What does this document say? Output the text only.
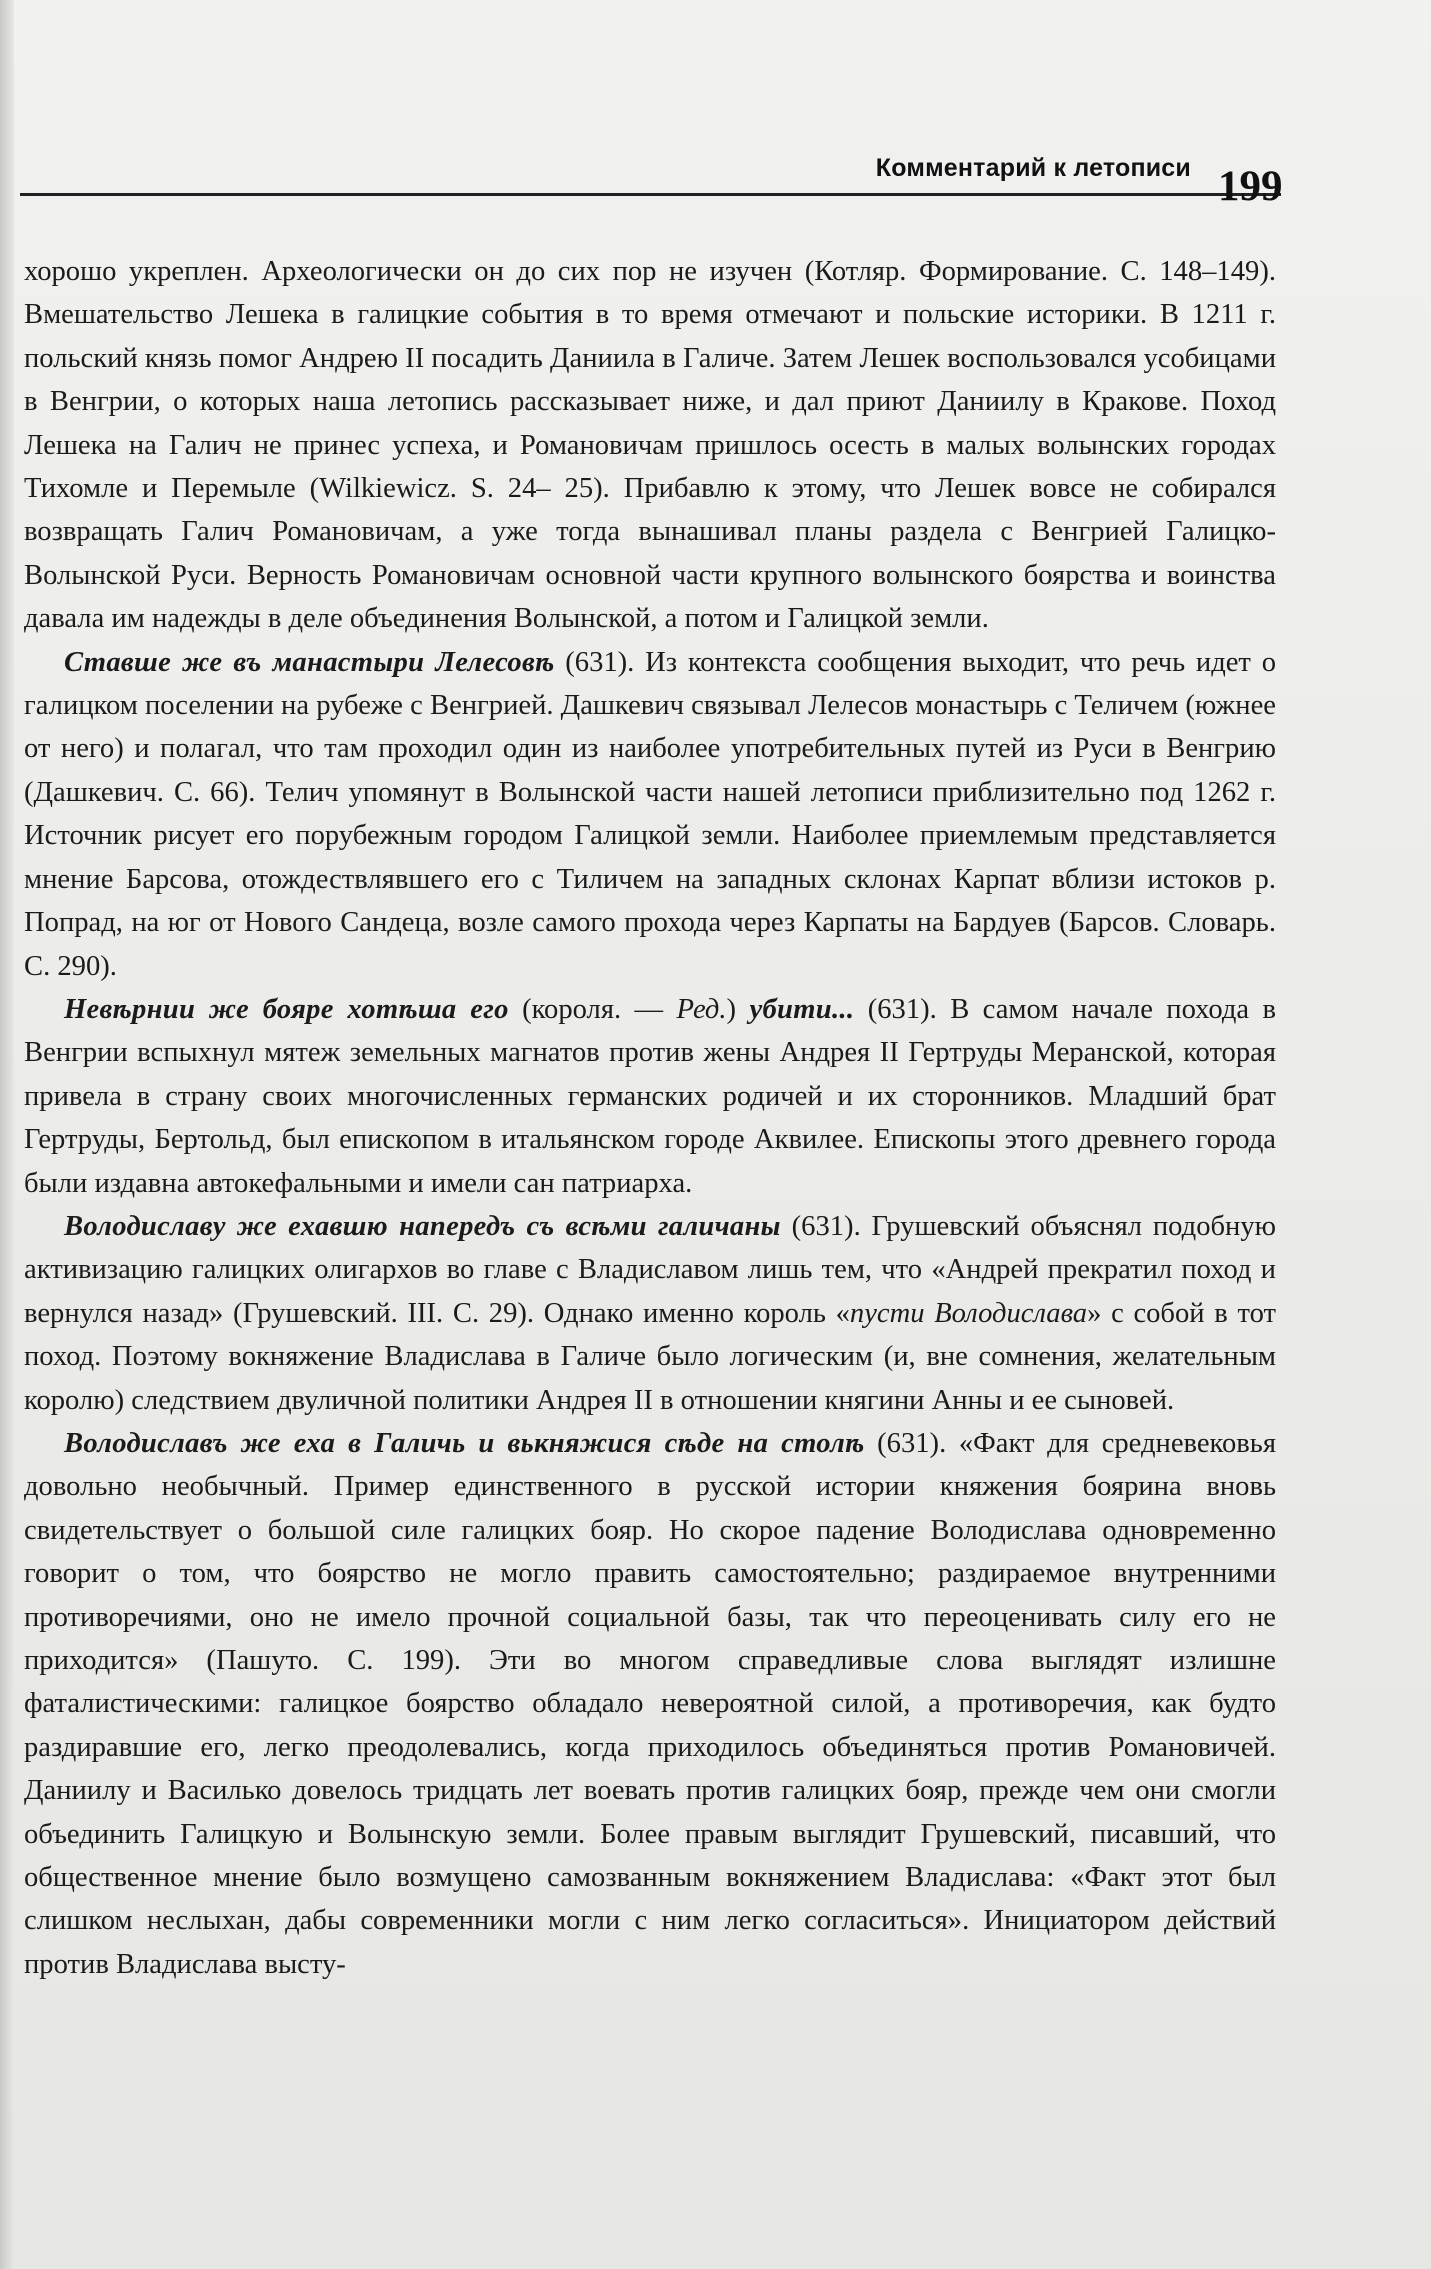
Комментарий к летописи 199

хорошо укреплен. Археологически он до сих пор не изучен (Котляр. Формирование. С. 148–149). Вмешательство Лешека в галицкие события в то время отмечают и польские историки. В 1211 г. польский князь помог Андрею II посадить Даниила в Галиче. Затем Лешек воспользовался усобицами в Венгрии, о которых наша летопись рассказывает ниже, и дал приют Даниилу в Кракове. Поход Лешека на Галич не принес успеха, и Романовичам пришлось осесть в малых волынских городах Тихомле и Перемыле (Wilkiewicz. S. 24– 25). Прибавлю к этому, что Лешек вовсе не собирался возвращать Галич Романовичам, а уже тогда вынашивал планы раздела с Венгрией Галицко-Волынской Руси. Верность Романовичам основной части крупного волынского боярства и воинства давала им надежды в деле объединения Волынской, а потом и Галицкой земли.

Ставше же въ манастыри Лелесовѣ (631). Из контекста сообщения выходит, что речь идет о галицком поселении на рубеже с Венгрией. Дашкевич связывал Лелесов монастырь с Теличем (южнее от него) и полагал, что там проходил один из наиболее употребительных путей из Руси в Венгрию (Дашкевич. С. 66). Телич упомянут в Волынской части нашей летописи приблизительно под 1262 г. Источник рисует его порубежным городом Галицкой земли. Наиболее приемлемым представляется мнение Барсова, отождествлявшего его с Тиличем на западных склонах Карпат вблизи истоков р. Попрад, на юг от Нового Сандеца, возле самого прохода через Карпаты на Бардуев (Барсов. Словарь. С. 290).

Невѣрнии же бояре хотѣша его (короля. — Ред.) убити... (631). В самом начале похода в Венгрии вспыхнул мятеж земельных магнатов против жены Андрея II Гертруды Меранской, которая привела в страну своих многочисленных германских родичей и их сторонников. Младший брат Гертруды, Бертольд, был епископом в итальянском городе Аквилее. Епископы этого древнего города были издавна автокефальными и имели сан патриарха.

Володиславу же ехавшю напередъ съ всѣми галичаны (631). Грушевский объяснял подобную активизацию галицких олигархов во главе с Владиславом лишь тем, что «Андрей прекратил поход и вернулся назад» (Грушевский. III. С. 29). Однако именно король «пусти Володислава» с собой в тот поход. Поэтому вокняжение Владислава в Галиче было логическим (и, вне сомнения, желательным королю) следствием двуличной политики Андрея II в отношении княгини Анны и ее сыновей.

Володиславъ же еха в Галичь и вькняжися сѣде на столѣ (631). «Факт для средневековья довольно необычный. Пример единственного в русской истории княжения боярина вновь свидетельствует о большой силе галицких бояр. Но скорое падение Володислава одновременно говорит о том, что боярство не могло править самостоятельно; раздираемое внутренними противоречиями, оно не имело прочной социальной базы, так что переоценивать силу его не приходится» (Пашуто. С. 199). Эти во многом справедливые слова выглядят излишне фаталистическими: галицкое боярство обладало невероятной силой, а противоречия, как будто раздиравшие его, легко преодолевались, когда приходилось объединяться против Романовичей. Даниилу и Василько довелось тридцать лет воевать против галицких бояр, прежде чем они смогли объединить Галицкую и Волынскую земли. Более правым выглядит Грушевский, писавший, что общественное мнение было возмущено самозванным вокняжением Владислава: «Факт этот был слишком неслыхан, дабы современники могли с ним легко согласиться». Инициатором действий против Владислава высту-
